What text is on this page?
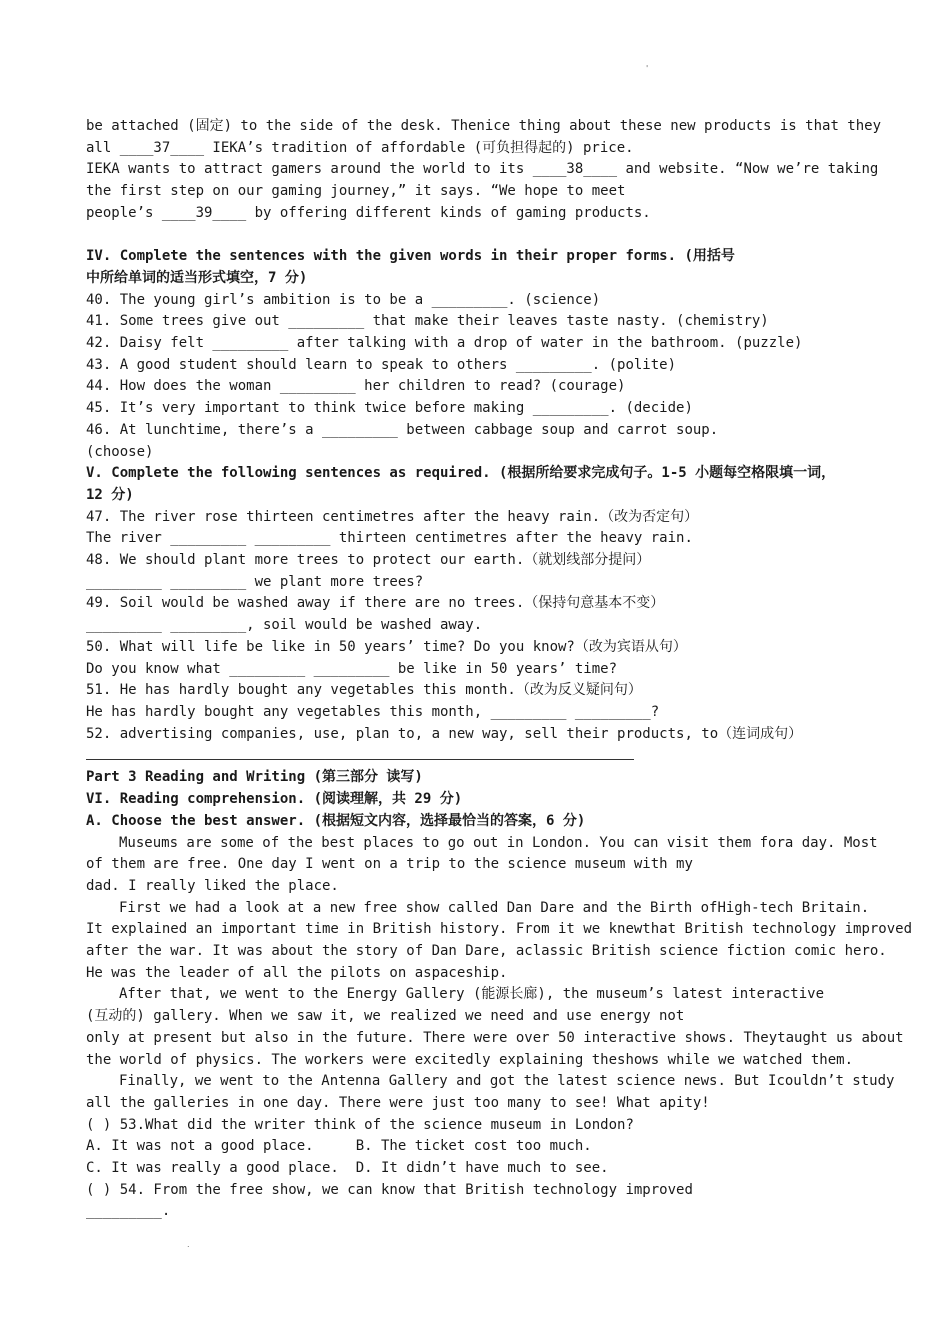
'
be attached (固定) to the side of the desk. Thenice thing about these new products is that they
all ____37____ IEKA’s tradition of affordable (可负担得起的) price.
IEKA wants to attract gamers around the world to its ____38____ and website. “Now we’re taking
the first step on our gaming journey,” it says. “We hope to meet
people’s ____39____ by offering different kinds of gaming products.

IV. Complete the sentences with the given words in their proper forms. (用括号
中所给单词的适当形式填空，7 分)
40. The young girl’s ambition is to be a _________. (science)
41. Some trees give out _________ that make their leaves taste nasty. (chemistry)
42. Daisy felt _________ after talking with a drop of water in the bathroom. (puzzle)
43. A good student should learn to speak to others _________. (polite)
44. How does the woman _________ her children to read? (courage)
45. It’s very important to think twice before making _________. (decide)
46. At lunchtime, there’s a _________ between cabbage soup and carrot soup.
(choose)
V. Complete the following sentences as required. (根据所给要求完成句子。1-5 小题每空格限填一词，
12 分)
47. The river rose thirteen centimetres after the heavy rain.（改为否定句）
The river _________ _________ thirteen centimetres after the heavy rain.
48. We should plant more trees to protect our earth.（就划线部分提问）
_________ _________ we plant more trees?
49. Soil would be washed away if there are no trees.（保持句意基本不变）
_________ _________, soil would be washed away.
50. What will life be like in 50 years’ time? Do you know?（改为宾语从句）
Do you know what _________ _________ be like in 50 years’ time?
51. He has hardly bought any vegetables this month.（改为反义疑问句）
He has hardly bought any vegetables this month, _________ _________?
52. advertising companies, use, plan to, a new way, sell their products, to（连词成句）
Part 3 Reading and Writing (第三部分 读写)
VI. Reading comprehension. (阅读理解，共 29 分)
A. Choose the best answer. (根据短文内容，选择最恰当的答案，6 分)
Museums are some of the best places to go out in London. You can visit them fora day. Most
of them are free. One day I went on a trip to the science museum with my
dad. I really liked the place.
First we had a look at a new free show called Dan Dare and the Birth ofHigh-tech Britain.
It explained an important time in British history. From it we knewthat British technology improved
after the war. It was about the story of Dan Dare, aclassic British science fiction comic hero.
He was the leader of all the pilots on aspaceship.
After that, we went to the Energy Gallery (能源长廊), the museum’s latest interactive
(互动的) gallery. When we saw it, we realized we need and use energy not
only at present but also in the future. There were over 50 interactive shows. Theytaught us about
the world of physics. The workers were excitedly explaining theshows while we watched them.
Finally, we went to the Antenna Gallery and got the latest science news. But Icouldn’t study
all the galleries in one day. There were just too many to see! What apity!
( ) 53.What did the writer think of the science museum in London?
A. It was not a good place.     B. The ticket cost too much.
C. It was really a good place.  D. It didn’t have much to see.
( ) 54. From the free show, we can know that British technology improved
_________.
.
